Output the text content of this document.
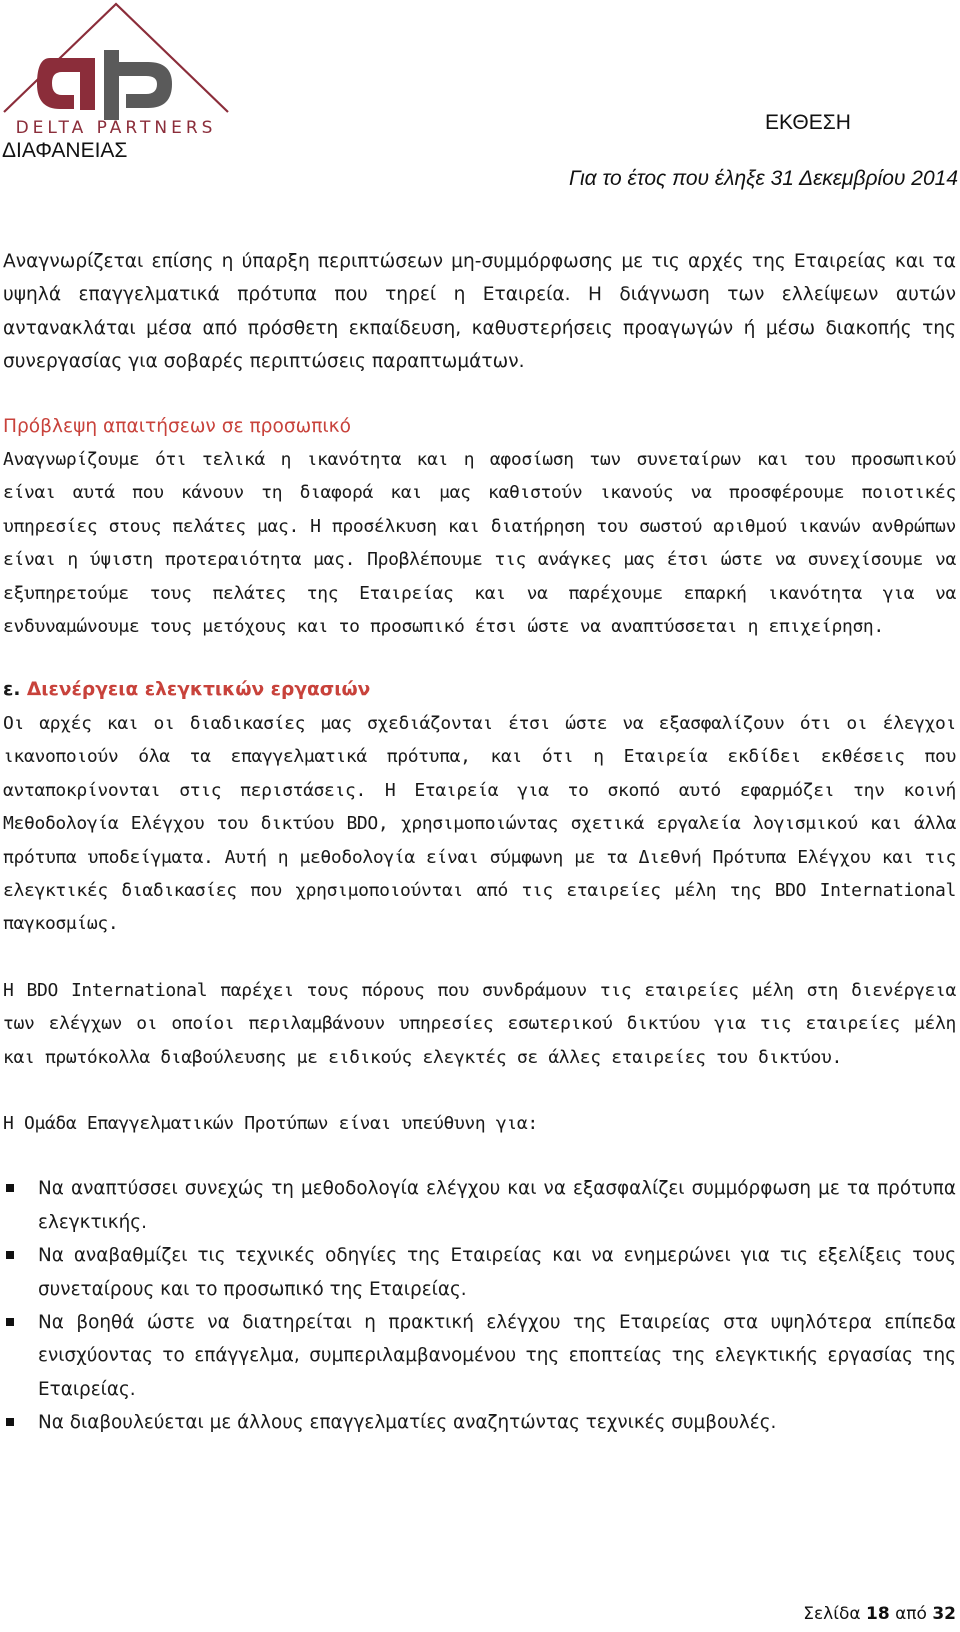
DELTA PARTNERS	ΕΚΘΕΣΗ
ΔΙΑΦΑΝΕΙΑΣ
Για το έτος που έληξε 31 Δεκεμβρίου 2014

Αναγνωρίζεται επίσης η ύπαρξη περιπτώσεων μη-συμμόρφωσης με τις αρχές της Εταιρείας και τα υψηλά επαγγελματικά πρότυπα που τηρεί η Εταιρεία. Η διάγνωση των ελλείψεων αυτών αντανακλάται μέσα από πρόσθετη εκπαίδευση, καθυστερήσεις προαγωγών ή μέσω διακοπής της συνεργασίας για σοβαρές περιπτώσεις παραπτωμάτων.

Πρόβλεψη απαιτήσεων σε προσωπικό

Αναγνωρίζουμε ότι τελικά η ικανότητα και η αφοσίωση των συνεταίρων και του προσωπικού είναι αυτά που κάνουν τη διαφορά και μας καθιστούν ικανούς να προσφέρουμε ποιοτικές υπηρεσίες στους πελάτες μας. Η προσέλκυση και διατήρηση του σωστού αριθμού ικανών ανθρώπων είναι η ύψιστη προτεραιότητα μας. Προβλέπουμε τις ανάγκες μας έτσι ώστε να συνεχίσουμε να εξυπηρετούμε τους πελάτες της Εταιρείας και να παρέχουμε επαρκή ικανότητα για να ενδυναμώνουμε τους μετόχους και το προσωπικό έτσι ώστε να αναπτύσσεται η επιχείρηση.

ε. Διενέργεια ελεγκτικών εργασιών

Οι αρχές και οι διαδικασίες μας σχεδιάζονται έτσι ώστε να εξασφαλίζουν ότι οι έλεγχοι ικανοποιούν όλα τα επαγγελματικά πρότυπα, και ότι η Εταιρεία εκδίδει εκθέσεις που ανταποκρίνονται στις περιστάσεις. Η Εταιρεία για το σκοπό αυτό εφαρμόζει την κοινή Μεθοδολογία Ελέγχου του δικτύου BDO, χρησιμοποιώντας σχετικά εργαλεία λογισμικού και άλλα πρότυπα υποδείγματα. Αυτή η μεθοδολογία είναι σύμφωνη με τα Διεθνή Πρότυπα Ελέγχου και τις ελεγκτικές διαδικασίες που χρησιμοποιούνται από τις εταιρείες μέλη της BDO International παγκοσμίως.

Η BDO International παρέχει τους πόρους που συνδράμουν τις εταιρείες μέλη στη διενέργεια των ελέγχων οι οποίοι περιλαμβάνουν υπηρεσίες εσωτερικού δικτύου για τις εταιρείες μέλη και πρωτόκολλα διαβούλευσης με ειδικούς ελεγκτές σε άλλες εταιρείες του δικτύου.

Η Ομάδα Επαγγελματικών Προτύπων είναι υπεύθυνη για:

Να αναπτύσσει συνεχώς τη μεθοδολογία ελέγχου και να εξασφαλίζει συμμόρφωση με τα πρότυπα ελεγκτικής.
Να αναβαθμίζει τις τεχνικές οδηγίες της Εταιρείας και να ενημερώνει για τις εξελίξεις τους συνεταίρους και το προσωπικό της Εταιρείας.
Να βοηθά ώστε να διατηρείται η πρακτική ελέγχου της Εταιρείας στα υψηλότερα επίπεδα ενισχύοντας το επάγγελμα, συμπεριλαμβανομένου της εποπτείας της ελεγκτικής εργασίας της Εταιρείας.
Να διαβουλεύεται με άλλους επαγγελματίες αναζητώντας τεχνικές συμβουλές.
Σελίδα 18 από 32
